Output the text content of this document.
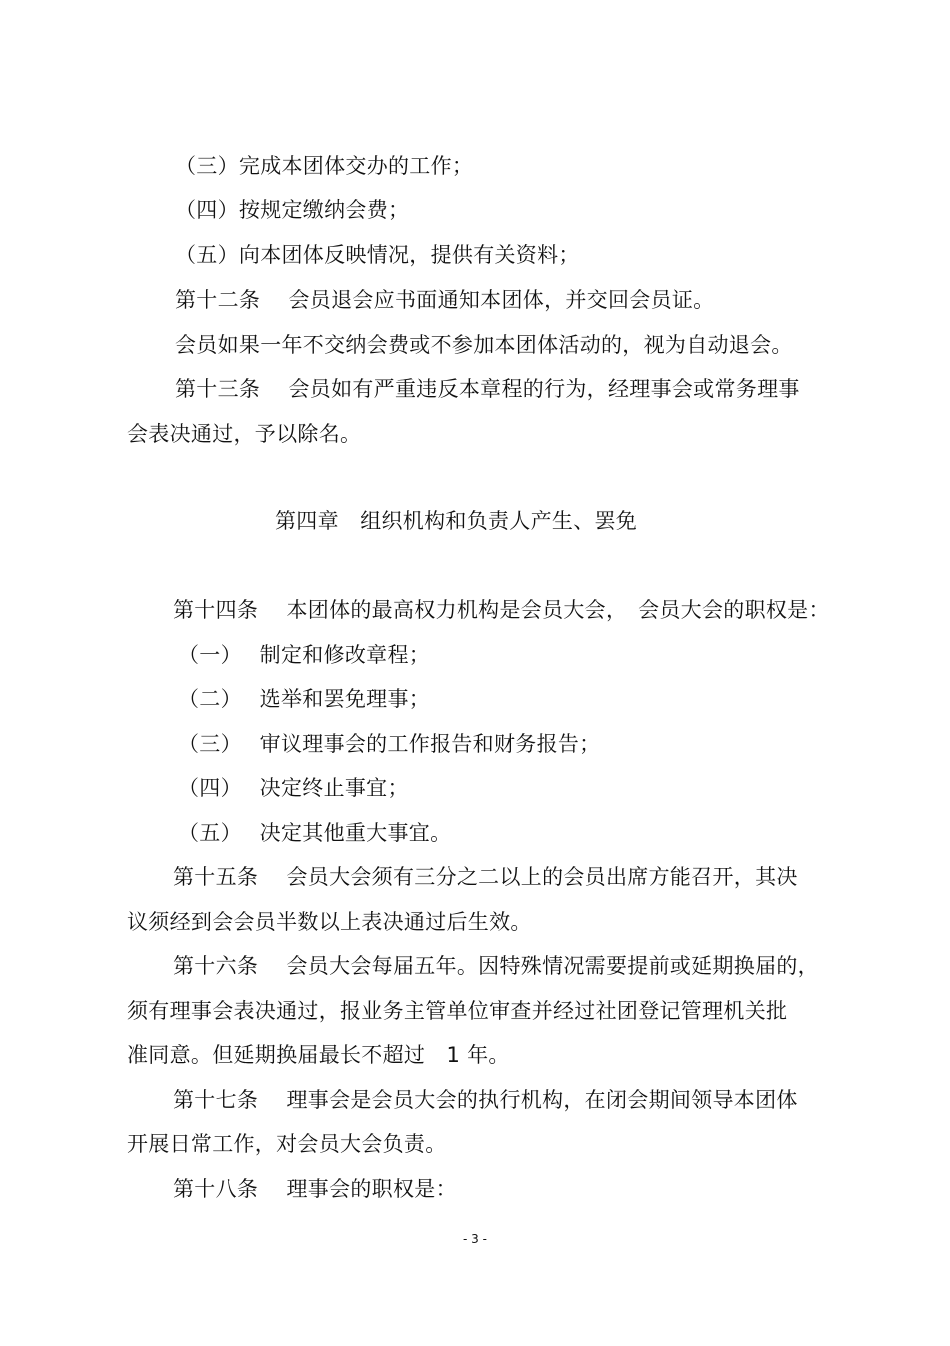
（三）完成本团体交办的工作；
（四）按规定缴纳会费；
（五）向本团体反映情况，提供有关资料；
第十二条　 会员退会应书面通知本团体，并交回会员证。
会员如果一年不交纳会费或不参加本团体活动的，视为自动退会。
第十三条　 会员如有严重违反本章程的行为，经理事会或常务理事
会表决通过，予以除名。
第四章　组织机构和负责人产生、罢免
第十四条　 本团体的最高权力机构是会员大会，　会员大会的职权是：
（一）　 制定和修改章程；
（二）　 选举和罢免理事；
（三）　 审议理事会的工作报告和财务报告；
（四）　 决定终止事宜；
（五）　 决定其他重大事宜。
第十五条　 会员大会须有三分之二以上的会员出席方能召开，其决
议须经到会会员半数以上表决通过后生效。
第十六条　 会员大会每届五年。因特殊情况需要提前或延期换届的，
须有理事会表决通过，报业务主管单位审查并经过社团登记管理机关批
准同意。但延期换届最长不超过　1 年。
第十七条　 理事会是会员大会的执行机构，在闭会期间领导本团体
开展日常工作，对会员大会负责。
第十八条　 理事会的职权是：
- 3 -
